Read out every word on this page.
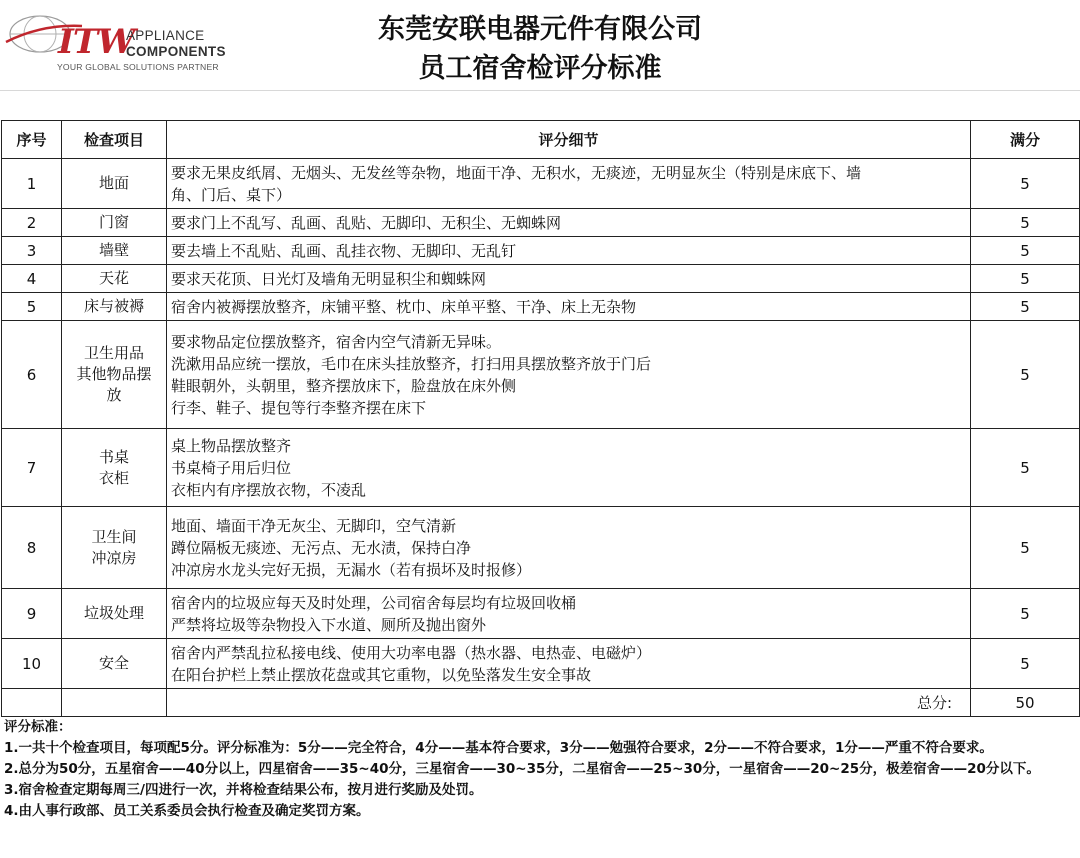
ITW
APPLIANCE
COMPONENTS
YOUR GLOBAL SOLUTIONS PARTNER
东莞安联电器元件有限公司
员工宿舍检评分标准
序号	检查项目	评分细节	满分
1	地面	要求无果皮纸屑、无烟头、无发丝等杂物，地面干净、无积水，无痰迹，无明显灰尘（特别是床底下、墙
角、门后、桌下）	5
2	门窗	要求门上不乱写、乱画、乱贴、无脚印、无积尘、无蜘蛛网	5
3	墙壁	要去墙上不乱贴、乱画、乱挂衣物、无脚印、无乱钉	5
4	天花	要求天花顶、日光灯及墙角无明显积尘和蜘蛛网	5
5	床与被褥	宿舍内被褥摆放整齐，床铺平整、枕巾、床单平整、干净、床上无杂物	5
6	卫生用品
其他物品摆
放	要求物品定位摆放整齐，宿舍内空气清新无异味。
洗漱用品应统一摆放，毛巾在床头挂放整齐，打扫用具摆放整齐放于门后
鞋眼朝外，头朝里，整齐摆放床下，脸盘放在床外侧
行李、鞋子、提包等行李整齐摆在床下	5
7	书桌
衣柜	桌上物品摆放整齐
书桌椅子用后归位
衣柜内有序摆放衣物，不凌乱	5
8	卫生间
冲凉房	地面、墙面干净无灰尘、无脚印，空气清新
蹲位隔板无痰迹、无污点、无水渍，保持白净
冲凉房水龙头完好无损，无漏水（若有损坏及时报修）	5
9	垃圾处理	宿舍内的垃圾应每天及时处理，公司宿舍每层均有垃圾回收桶
严禁将垃圾等杂物投入下水道、厕所及抛出窗外	5
10	安全	宿舍内严禁乱拉私接电线、使用大功率电器（热水器、电热壶、电磁炉）
在阳台护栏上禁止摆放花盘或其它重物，以免坠落发生安全事故	5
		总分:	50
评分标准：
1.一共十个检查项目，每项配5分。评分标准为：5分——完全符合，4分——基本符合要求，3分——勉强符合要求，2分——不符合要求，1分——严重不符合要求。
2.总分为50分，五星宿舍——40分以上，四星宿舍——35~40分，三星宿舍——30~35分，二星宿舍——25~30分，一星宿舍——20~25分，极差宿舍——20分以下。
3.宿舍检查定期每周三/四进行一次，并将检查结果公布，按月进行奖励及处罚。
4.由人事行政部、员工关系委员会执行检查及确定奖罚方案。
